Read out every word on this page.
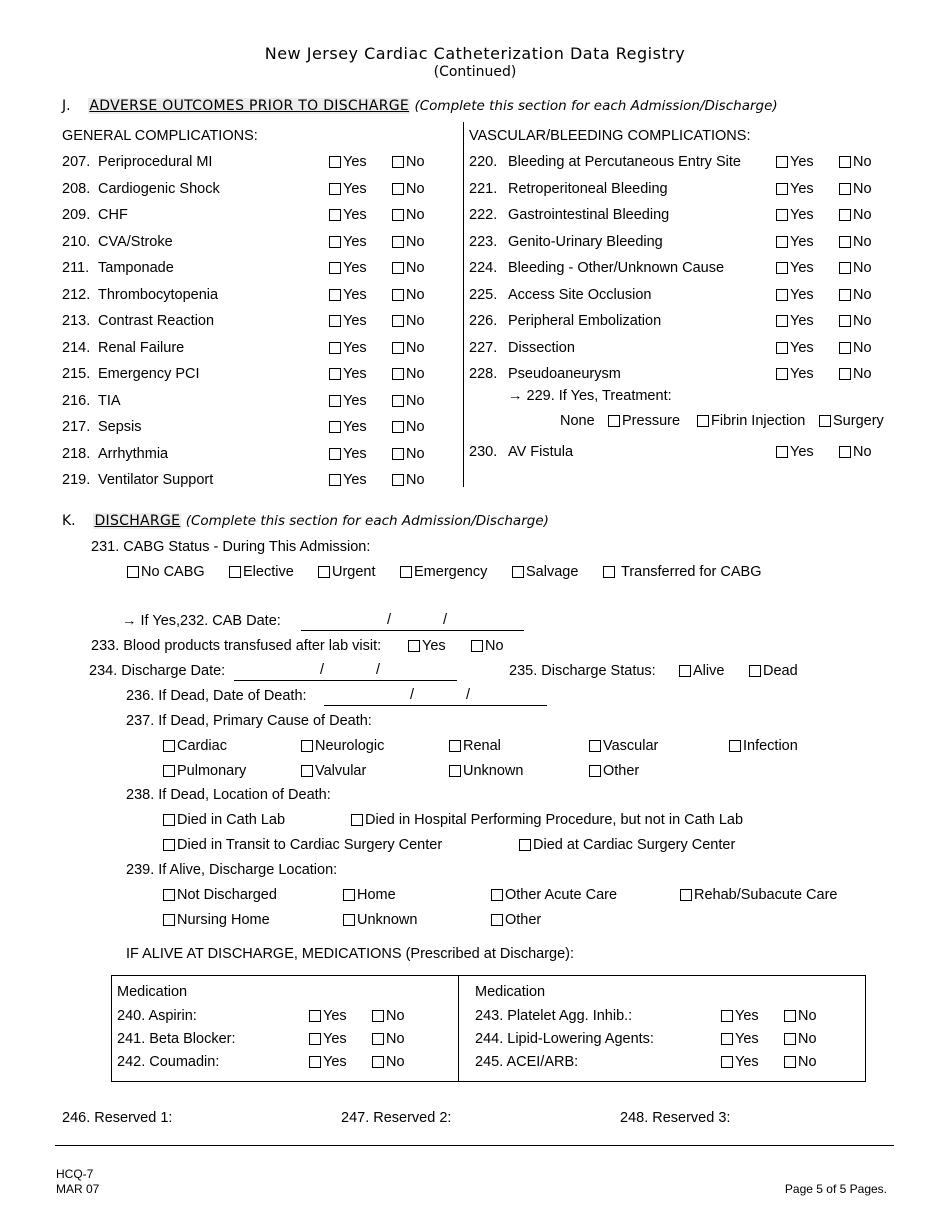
New Jersey Cardiac Catheterization Data Registry
(Continued)
J. ADVERSE OUTCOMES PRIOR TO DISCHARGE (Complete this section for each Admission/Discharge)
GENERAL COMPLICATIONS:	VASCULAR/BLEEDING COMPLICATIONS:
207. Periprocedural MI	Yes	No
208. Cardiogenic Shock	Yes	No
209. CHF	Yes	No
210. CVA/Stroke	Yes	No
211. Tamponade	Yes	No
212. Thrombocytopenia	Yes	No
213. Contrast Reaction	Yes	No
214. Renal Failure	Yes	No
215. Emergency PCI	Yes	No
216. TIA	Yes	No
217. Sepsis	Yes	No
218. Arrhythmia	Yes	No
219. Ventilator Support	Yes	No
220. Bleeding at Percutaneous Entry Site	Yes	No
221. Retroperitoneal Bleeding	Yes	No
222. Gastrointestinal Bleeding	Yes	No
223. Genito-Urinary Bleeding	Yes	No
224. Bleeding - Other/Unknown Cause	Yes	No
225. Access Site Occlusion	Yes	No
226. Peripheral Embolization	Yes	No
227. Dissection	Yes	No
228. Pseudoaneurysm	Yes	No
→ 229. If Yes, Treatment:
None	Pressure	Fibrin Injection	Surgery
230. AV Fistula	Yes	No
K. DISCHARGE (Complete this section for each Admission/Discharge)
231. CABG Status - During This Admission:
No CABG	Elective	Urgent	Emergency	Salvage	Transferred for CABG
→ If Yes,232. CAB Date:	/	/
233. Blood products transfused after lab visit:	Yes	No
234. Discharge Date:	/	/	235. Discharge Status:	Alive	Dead
236. If Dead, Date of Death:	/	/
237. If Dead, Primary Cause of Death:
Cardiac	Neurologic	Renal	Vascular	Infection
Pulmonary	Valvular	Unknown	Other
238. If Dead, Location of Death:
Died in Cath Lab	Died in Hospital Performing Procedure, but not in Cath Lab
Died in Transit to Cardiac Surgery Center	Died at Cardiac Surgery Center
239. If Alive, Discharge Location:
Not Discharged	Home	Other Acute Care	Rehab/Subacute Care
Nursing Home	Unknown	Other
IF ALIVE AT DISCHARGE, MEDICATIONS (Prescribed at Discharge):
Medication	Medication
240. Aspirin:	Yes	No
241. Beta Blocker:	Yes	No
242. Coumadin:	Yes	No
243. Platelet Agg. Inhib.:	Yes	No
244. Lipid-Lowering Agents:	Yes	No
245. ACEI/ARB:	Yes	No
246. Reserved 1:	247. Reserved 2:	248. Reserved 3:
HCQ-7
MAR 07	Page 5 of 5 Pages.
